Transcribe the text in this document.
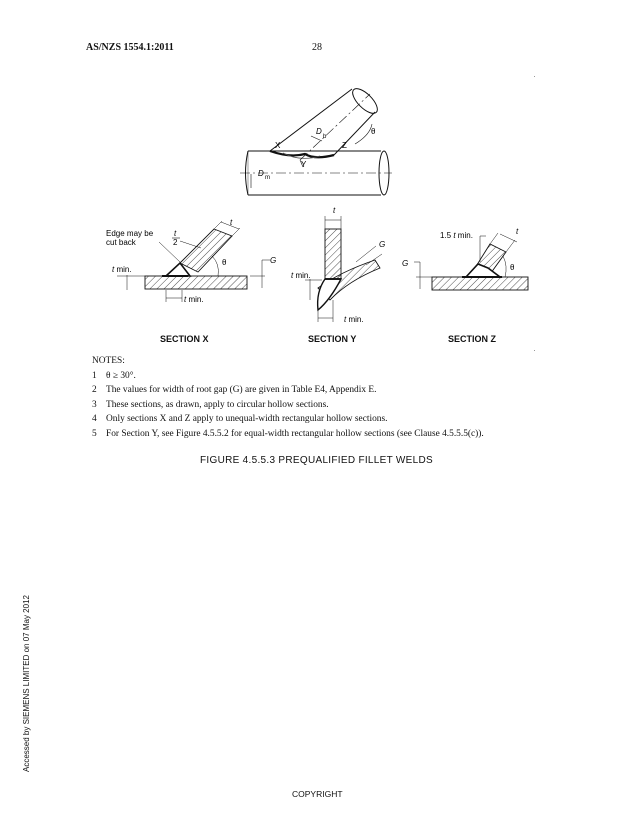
AS/NZS 1554.1:2011	28
X	Z
Y
D
b
D m
θ
Edge may be
cut back
t
2
t
G
θ
t min.
t min.
t
G
t min.
t min.
1.5 t min.	t
G	θ
SECTION X	SECTION Y	SECTION Z
NOTES:
1 θ ≥ 30°.
2 The values for width of root gap (G) are given in Table E4, Appendix E.
3 These sections, as drawn, apply to circular hollow sections.
4 Only sections X and Z apply to unequal-width rectangular hollow sections.
5 For Section Y, see Figure 4.5.5.2 for equal-width rectangular hollow sections (see Clause 4.5.5.5(c)).
FIGURE 4.5.5.3 PREQUALIFIED FILLET WELDS
Accessed by SIEMENS LIMITED on 07 May 2012
COPYRIGHT
